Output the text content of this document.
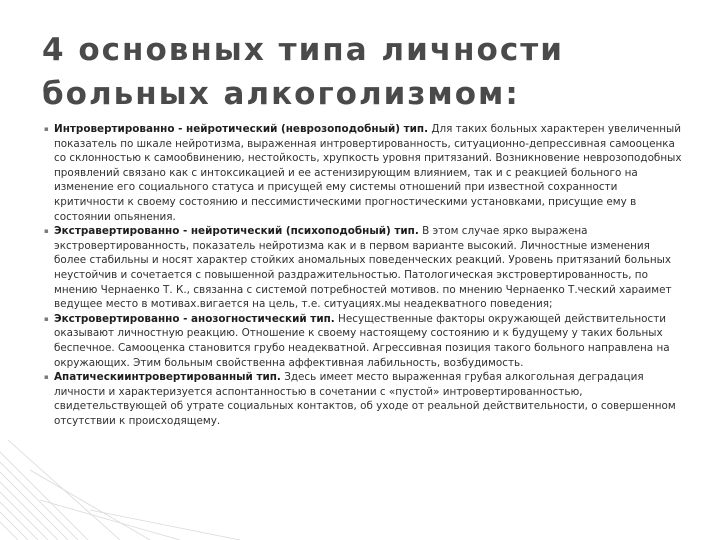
4 основных типа личности
больных алкоголизмом:
▪ Интровертированно - нейротический (неврозоподобный) тип. Для таких больных характерен увеличенный показатель по шкале нейротизма, выраженная интровертированность, ситуационно-депрессивная самооценка со склонностью к самообвинению, нестойкость, хрупкость уровня притязаний. Возникновение неврозоподобных проявлений связано как с интоксикацией и ее астенизирующим влиянием, так и с реакцией больного на изменение его социального статуса и присущей ему системы отношений при известной сохранности критичности к своему состоянию и пессимистическими прогностическими установками, присущие ему в состоянии опьянения.
▪ Экстравертированно - нейротический (психоподобный) тип. В этом случае ярко выражена экстровертированность, показатель нейротизма как и в первом варианте высокий. Личностные изменения более стабильны и носят характер стойких аномальных поведенческих реакций. Уровень притязаний больных неустойчив и сочетается с повышенной раздражительностью. Патологическая экстровертированность, по мнению Чернаенко Т. К., связанна с системой потребностей мотивов. по мнению Чернаенко Т.ческий хараимет ведущее место в мотивах.вигается на цель, т.е. ситуациях.мы неадекватного поведения;
▪ Экстровертированно - анозогностический тип. Несущественные факторы окружающей действительности оказывают личностную реакцию. Отношение к своему настоящему состоянию и к будущему у таких больных беспечное. Самооценка становится грубо неадекватной. Агрессивная позиция такого больного направлена на окружающих. Этим больным свойственна аффективная лабильность, возбудимость.
▪ Апатическиинтровертированный тип. Здесь имеет место выраженная грубая алкогольная деградация личности и характеризуется аспонтанностью в сочетании с «пустой» интровертированностью, свидетельствующей об утрате социальных контактов, об уходе от реальной действительности, о совершенном отсутствии к происходящему.
